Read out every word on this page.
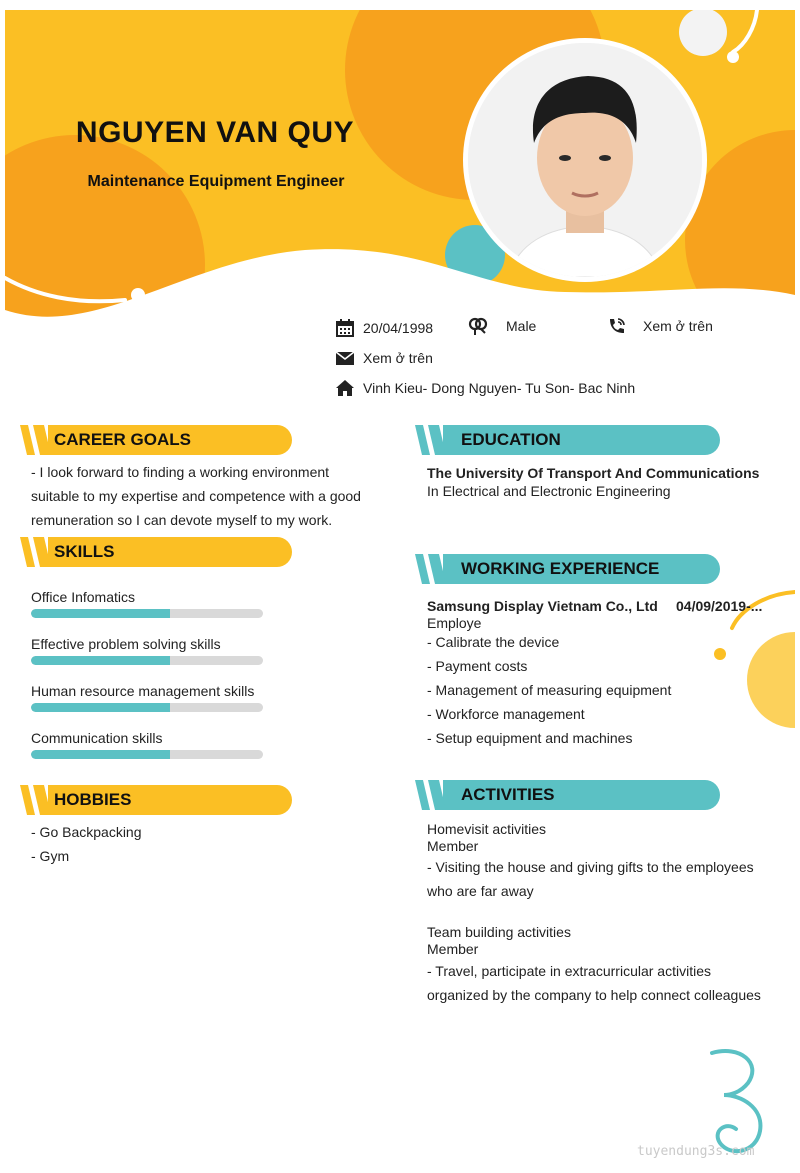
NGUYEN VAN QUY
Maintenance Equipment Engineer
20/04/1998	Male	Xem ở trên
Xem ở trên
Vinh Kieu- Dong Nguyen- Tu Son- Bac Ninh
CAREER GOALS
- I look forward to finding a working environment
suitable to my expertise and competence with a good
remuneration so I can devote myself to my work.
SKILLS
Office Infomatics
Effective problem solving skills
Human resource management skills
Communication skills
HOBBIES
- Go Backpacking
- Gym
EDUCATION
The University Of Transport And Communications
In Electrical and Electronic Engineering
WORKING EXPERIENCE
Samsung Display Vietnam Co., Ltd 04/09/2019-...
Employe
- Calibrate the device
- Payment costs
- Management of measuring equipment
- Workforce management
- Setup equipment and machines
ACTIVITIES
Homevisit activities
Member
- Visiting the house and giving gifts to the employees
who are far away
Team building activities
Member
- Travel, participate in extracurricular activities
organized by the company to help connect colleagues
tuyendung3s.com
